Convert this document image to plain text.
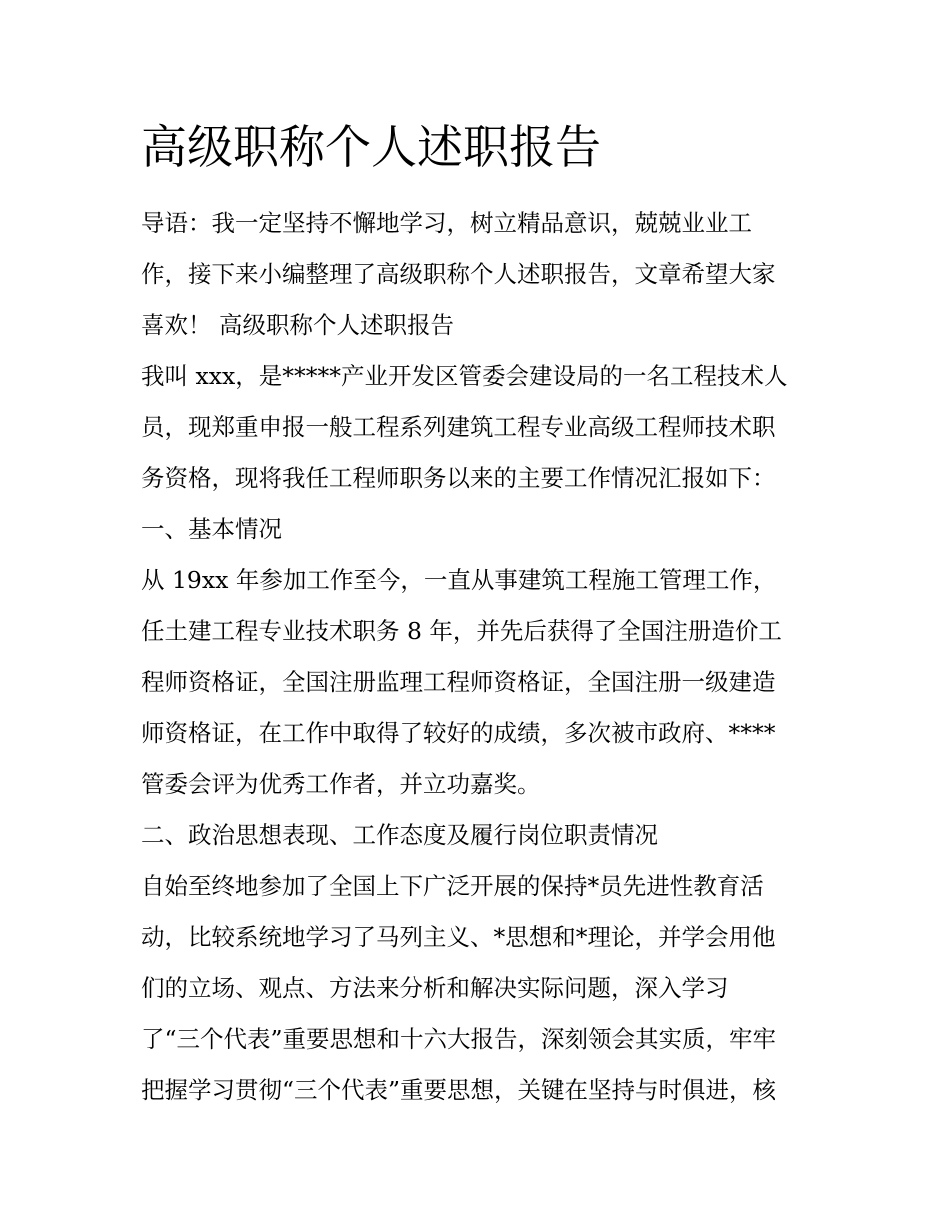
高级职称个人述职报告
导语：我一定坚持不懈地学习，树立精品意识，兢兢业业工
作，接下来小编整理了高级职称个人述职报告，文章希望大家
喜欢！ 高级职称个人述职报告
我叫 xxx，是*****产业开发区管委会建设局的一名工程技术人
员，现郑重申报一般工程系列建筑工程专业高级工程师技术职
务资格，现将我任工程师职务以来的主要工作情况汇报如下：
一、基本情况
从 19xx 年参加工作至今，一直从事建筑工程施工管理工作，
任土建工程专业技术职务 8 年，并先后获得了全国注册造价工
程师资格证，全国注册监理工程师资格证，全国注册一级建造
师资格证，在工作中取得了较好的成绩，多次被市政府、****
管委会评为优秀工作者，并立功嘉奖。
二、政治思想表现、工作态度及履行岗位职责情况
自始至终地参加了全国上下广泛开展的保持*员先进性教育活
动，比较系统地学习了马列主义、*思想和*理论，并学会用他
们的立场、观点、方法来分析和解决实际问题，深入学习
了“三个代表”重要思想和十六大报告，深刻领会其实质，牢牢
把握学习贯彻“三个代表”重要思想，关键在坚持与时俱进，核
